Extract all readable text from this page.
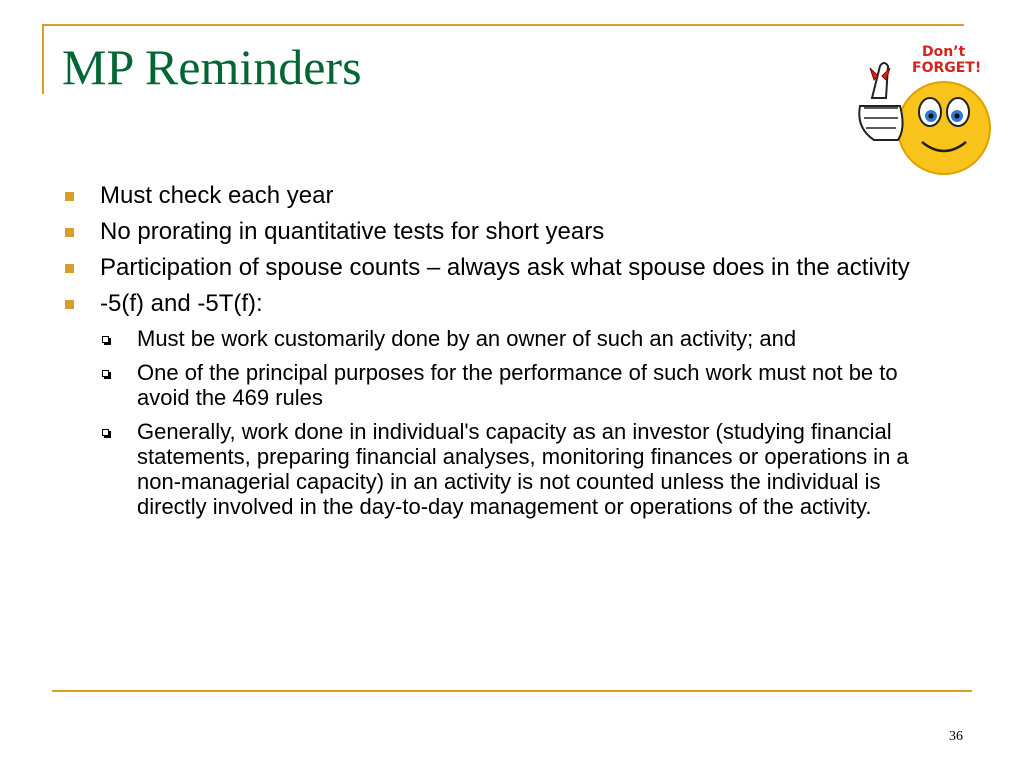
MP Reminders	Don’t
FORGET!
Must check each year
No prorating in quantitative tests for short years
Participation of spouse counts – always ask what spouse does in the activity
-5(f) and -5T(f):
Must be work customarily done by an owner of such an activity; and
One of the principal purposes for the performance of such work must not be to avoid the 469 rules
Generally, work done in individual's capacity as an investor (studying financial statements, preparing financial analyses, monitoring finances or operations in a non-managerial capacity) in an activity is not counted unless the individual is directly involved in the day-to-day management or operations of the activity.
36
